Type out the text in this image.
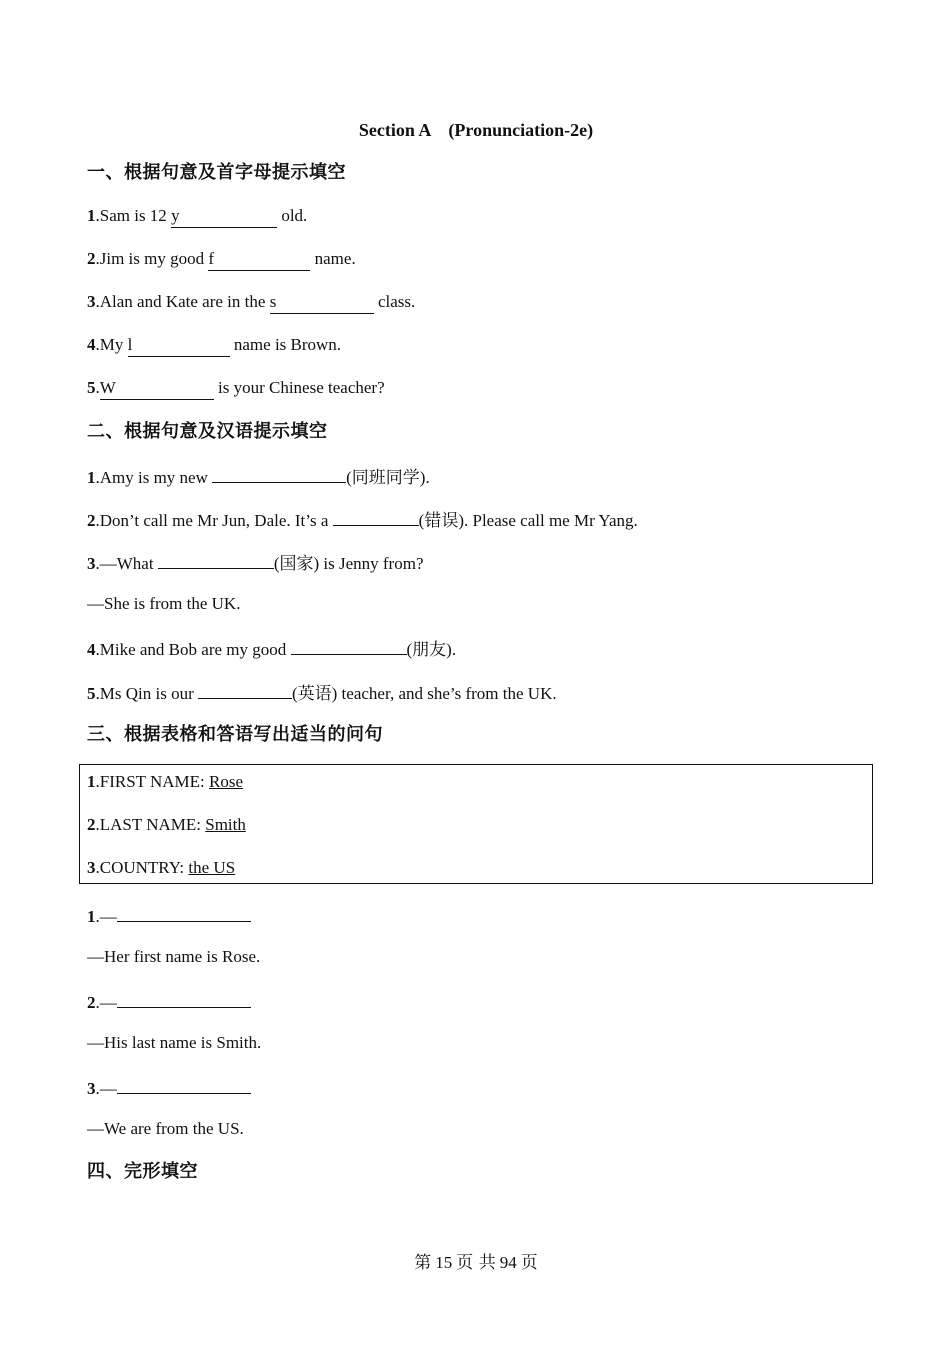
Section A　(Pronunciation-2e)
一、根据句意及首字母提示填空
1.Sam is 12 y	old.
2.Jim is my good f	name.
3.Alan and Kate are in the s	class.
4.My l	name is Brown.
5.W	is your Chinese teacher?
二、根据句意及汉语提示填空
1.Amy is my new	(同班同学).
2.Don’t call me Mr Jun, Dale. It’s a	(错误). Please call me Mr Yang.
3.—What	(国家) is Jenny from?
—She is from the UK.
4.Mike and Bob are my good	(朋友).
5.Ms Qin is our	(英语) teacher, and she’s from the UK.
三、根据表格和答语写出适当的问句
1.FIRST NAME: Rose
2.LAST NAME: Smith
3.COUNTRY: the US
1.—
—Her first name is Rose.
2.—
—His last name is Smith.
3.—
—We are from the US.
四、完形填空
第 15 页 共 94 页
